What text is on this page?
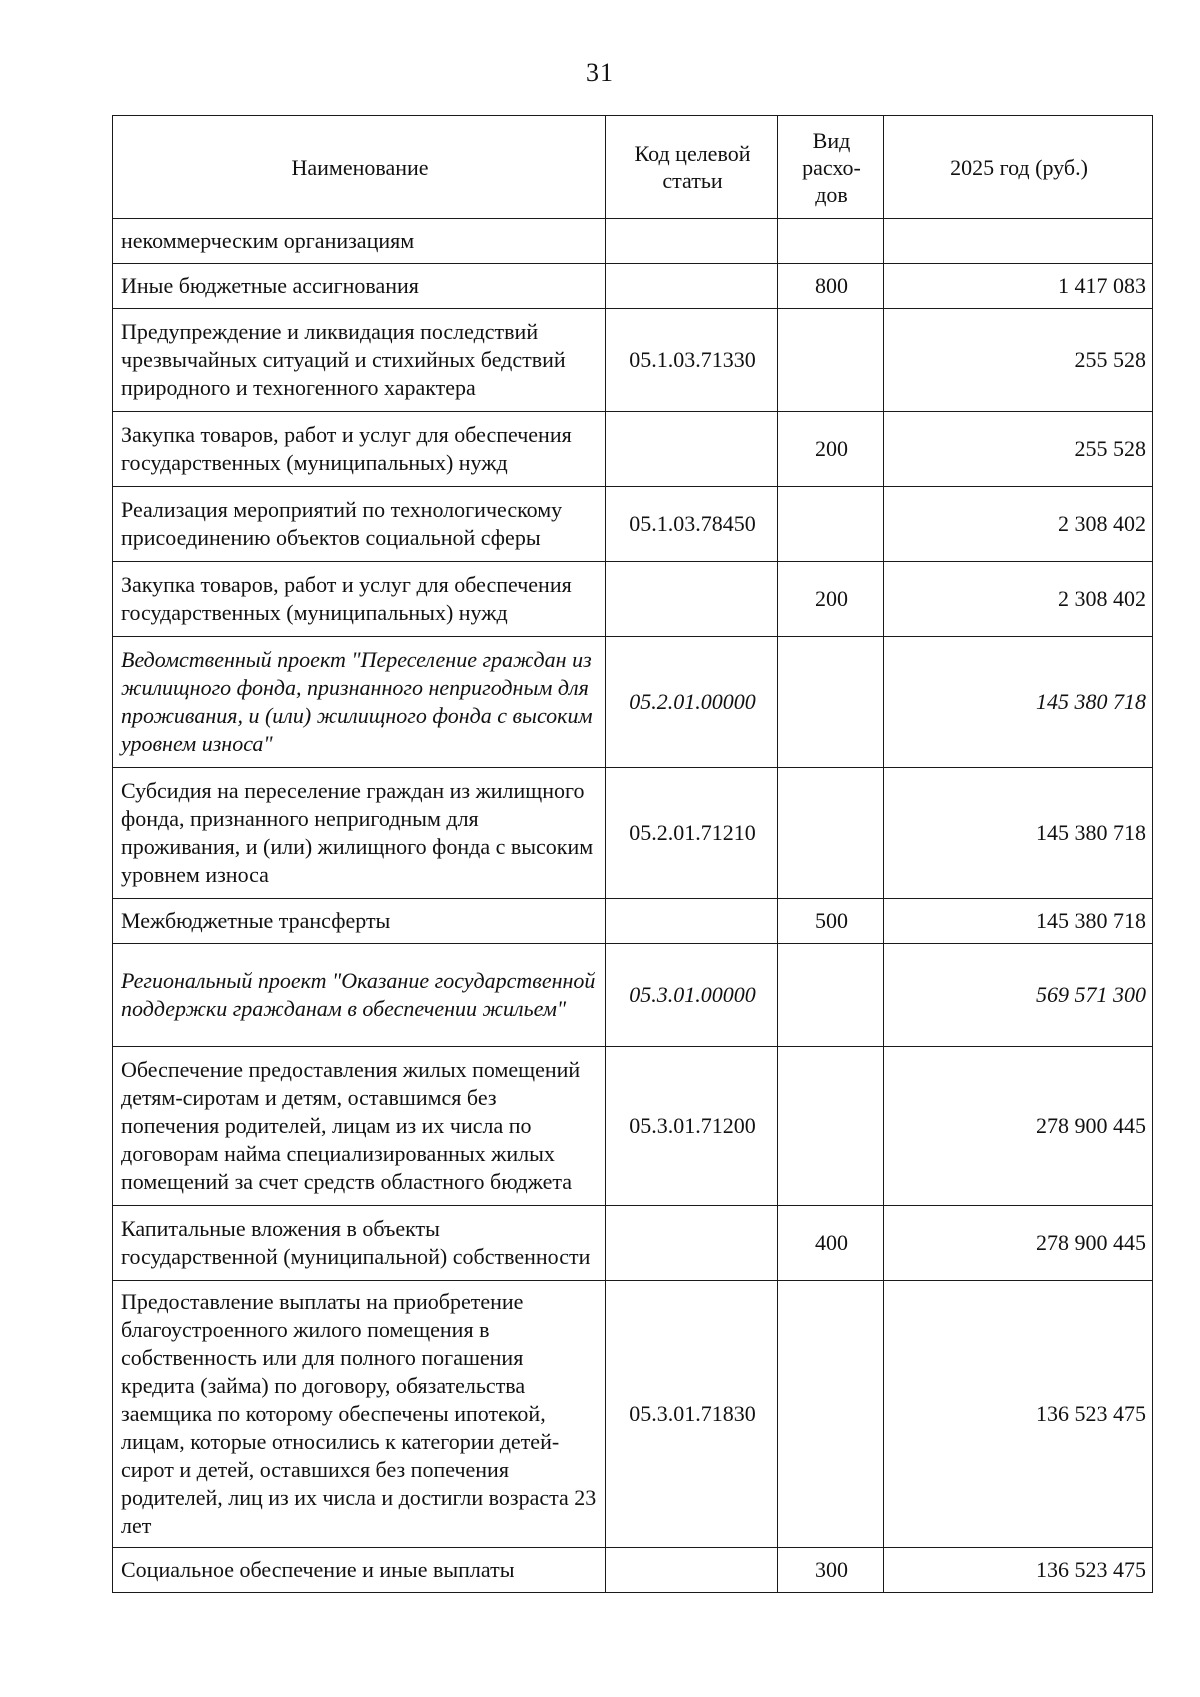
31
Наименование	Код целевой статьи	Вид расхо-дов	2025 год (руб.)
некоммерческим организациям			
Иные бюджетные ассигнования		800	1 417 083
Предупреждение и ликвидация последствий чрезвычайных ситуаций и стихийных бедствий природного и техногенного характера	05.1.03.71330		255 528
Закупка товаров, работ и услуг для обеспечения государственных (муниципальных) нужд		200	255 528
Реализация мероприятий по технологическому присоединению объектов социальной сферы	05.1.03.78450		2 308 402
Закупка товаров, работ и услуг для обеспечения государственных (муниципальных) нужд		200	2 308 402
Ведомственный проект "Переселение граждан из жилищного фонда, признанного непригодным для проживания, и (или) жилищного фонда с высоким уровнем износа"	05.2.01.00000		145 380 718
Субсидия на переселение граждан из жилищного фонда, признанного непригодным для проживания, и (или) жилищного фонда с высоким уровнем износа	05.2.01.71210		145 380 718
Межбюджетные трансферты		500	145 380 718
Региональный проект "Оказание государственной поддержки гражданам в обеспечении жильем"	05.3.01.00000		569 571 300
Обеспечение предоставления жилых помещений детям-сиротам и детям, оставшимся без попечения родителей, лицам из их числа по договорам найма специализированных жилых помещений за счет средств областного бюджета	05.3.01.71200		278 900 445
Капитальные вложения в объекты государственной (муниципальной) собственности		400	278 900 445
Предоставление выплаты на приобретение благоустроенного жилого помещения в собственность или для полного погашения кредита (займа) по договору, обязательства заемщика по которому обеспечены ипотекой, лицам, которые относились к категории детей-сирот и детей, оставшихся без попечения родителей, лиц из их числа и достигли возраста 23 лет	05.3.01.71830		136 523 475
Социальное обеспечение и иные выплаты		300	136 523 475
